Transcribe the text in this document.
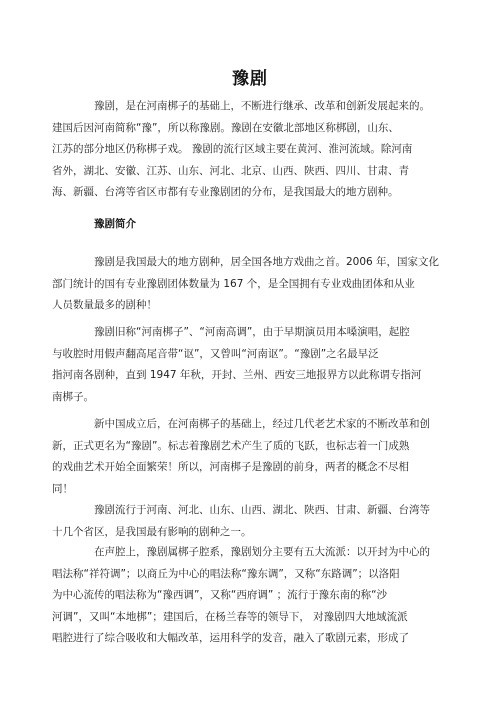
豫剧
豫剧，是在河南梆子的基础上，不断进行继承、改革和创新发展起来的。
建国后因河南简称“豫”，所以称豫剧。豫剧在安徽北部地区称梆剧，山东、
江苏的部分地区仍称梆子戏。 豫剧的流行区域主要在黄河、淮河流域。除河南
省外，湖北、安徽、江苏、山东、河北、北京、山西、陕西、四川、甘肃、青
海、新疆、台湾等省区市都有专业豫剧团的分布，是我国最大的地方剧种。
豫剧简介
豫剧是我国最大的地方剧种，居全国各地方戏曲之首。2006 年，国家文化
部门统计的国有专业豫剧团体数量为 167 个，是全国拥有专业戏曲团体和从业
人员数量最多的剧种！
豫剧旧称“河南梆子”、“河南高调”，由于早期演员用本嗓演唱，起腔
与收腔时用假声翻高尾音带“讴”，又曾叫“河南讴”。“豫剧”之名最早泛
指河南各剧种，直到 1947 年秋，开封、兰州、西安三地报界方以此称谓专指河
南梆子。
新中国成立后，在河南梆子的基础上，经过几代老艺术家的不断改革和创
新，正式更名为“豫剧”。标志着豫剧艺术产生了质的飞跃，也标志着一门成熟
的戏曲艺术开始全面繁荣！所以，河南梆子是豫剧的前身，两者的概念不尽相
同！
豫剧流行于河南、河北、山东、山西、湖北、陕西、甘肃、新疆、台湾等
十几个省区，是我国最有影响的剧种之一。
在声腔上，豫剧属梆子腔系，豫剧划分主要有五大流派：以开封为中心的
唱法称“祥符调”；以商丘为中心的唱法称“豫东调”，又称“东路调”；以洛阳
为中心流传的唱法称为“豫西调”，又称“西府调” ；流行于豫东南的称“沙
河调”，又叫“本地梆”；建国后，在杨兰春等的领导下， 对豫剧四大地域流派
唱腔进行了综合吸收和大幅改革，运用科学的发音，融入了歌剧元素，形成了
